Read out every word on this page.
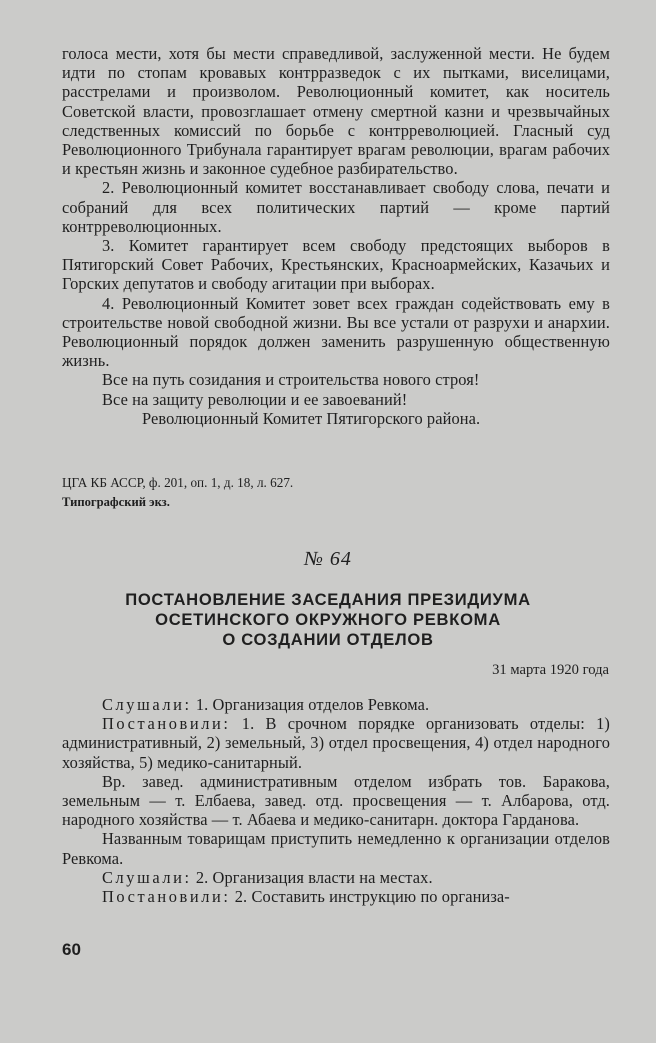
голоса мести, хотя бы мести справедливой, заслуженной мести. Не будем идти по стопам кровавых контрразведок с их пытками, виселицами, расстрелами и произволом. Революционный комитет, как носитель Советской власти, провозглашает отмену смертной казни и чрезвычайных следственных комиссий по борьбе с контрреволюцией. Гласный суд Революционного Трибунала гарантирует врагам революции, врагам рабочих и крестьян жизнь и законное судебное разбирательство.

2. Революционный комитет восстанавливает свободу слова, печати и собраний для всех политических партий — кроме партий контрреволюционных.

3. Комитет гарантирует всем свободу предстоящих выборов в Пятигорский Совет Рабочих, Крестьянских, Красноармейских, Казачьих и Горских депутатов и свободу агитации при выборах.

4. Революционный Комитет зовет всех граждан содействовать ему в строительстве новой свободной жизни. Вы все устали от разрухи и анархии. Революционный порядок должен заменить разрушенную общественную жизнь.

Все на путь созидания и строительства нового строя!

Все на защиту революции и ее завоеваний!

Революционный Комитет Пятигорского района.

ЦГА КБ АССР, ф. 201, оп. 1, д. 18, л. 627.
Типографский экз.
№ 64
ПОСТАНОВЛЕНИЕ ЗАСЕДАНИЯ ПРЕЗИДИУМА
ОСЕТИНСКОГО ОКРУЖНОГО РЕВКОМА
О СОЗДАНИИ ОТДЕЛОВ
31 марта 1920 года

Слушали: 1. Организация отделов Ревкома.

Постановили: 1. В срочном порядке организовать отделы: 1) административный, 2) земельный, 3) отдел просвещения, 4) отдел народного хозяйства, 5) медико-санитарный.

Вр. завед. административным отделом избрать тов. Баракова, земельным — т. Елбаева, завед. отд. просвещения — т. Албарова, отд. народного хозяйства — т. Абаева и медико-санитарн. доктора Гарданова.

Названным товарищам приступить немедленно к организации отделов Ревкома.

Слушали: 2. Организация власти на местах.

Постановили: 2. Составить инструкцию по организа-

60
